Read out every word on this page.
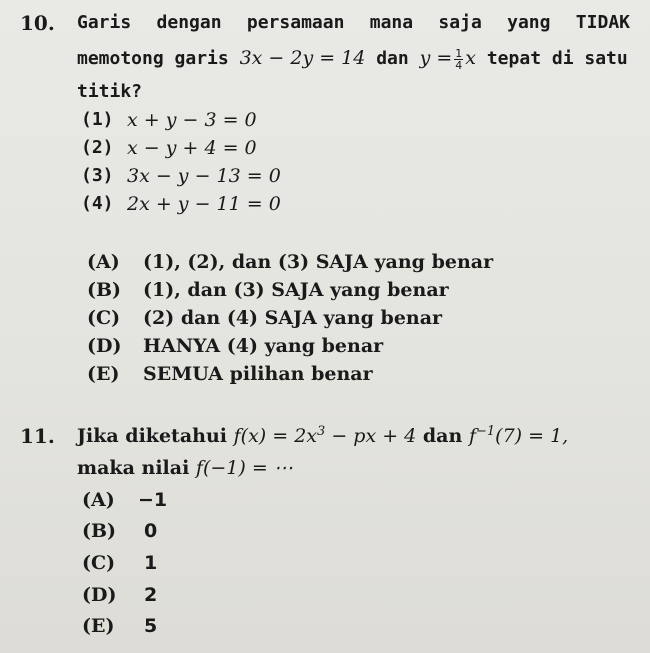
10. Garis dengan persamaan mana saja yang TIDAK
memotong garis 3x − 2y = 14 dan $y = \frac{1}{4}$ x tepat di satu
titik?
(1) x + y − 3 = 0
(2) x − y + 4 = 0
(3) 3x − y − 13 = 0
(4) 2x + y − 11 = 0
(A) (1), (2), dan (3) SAJA yang benar
(B) (1), dan (3) SAJA yang benar
(C) (2) dan (4) SAJA yang benar
(D) HANYA (4) yang benar
(E) SEMUA pilihan benar
11. Jika diketahui $f(x) = 2x^3$ − px + 4 dan $f^{-1}(7) = 1$,
maka nilai f(−1) = ⋯
(A) −1
(B) 0
(C) 1
(D) 2
(E) 5
